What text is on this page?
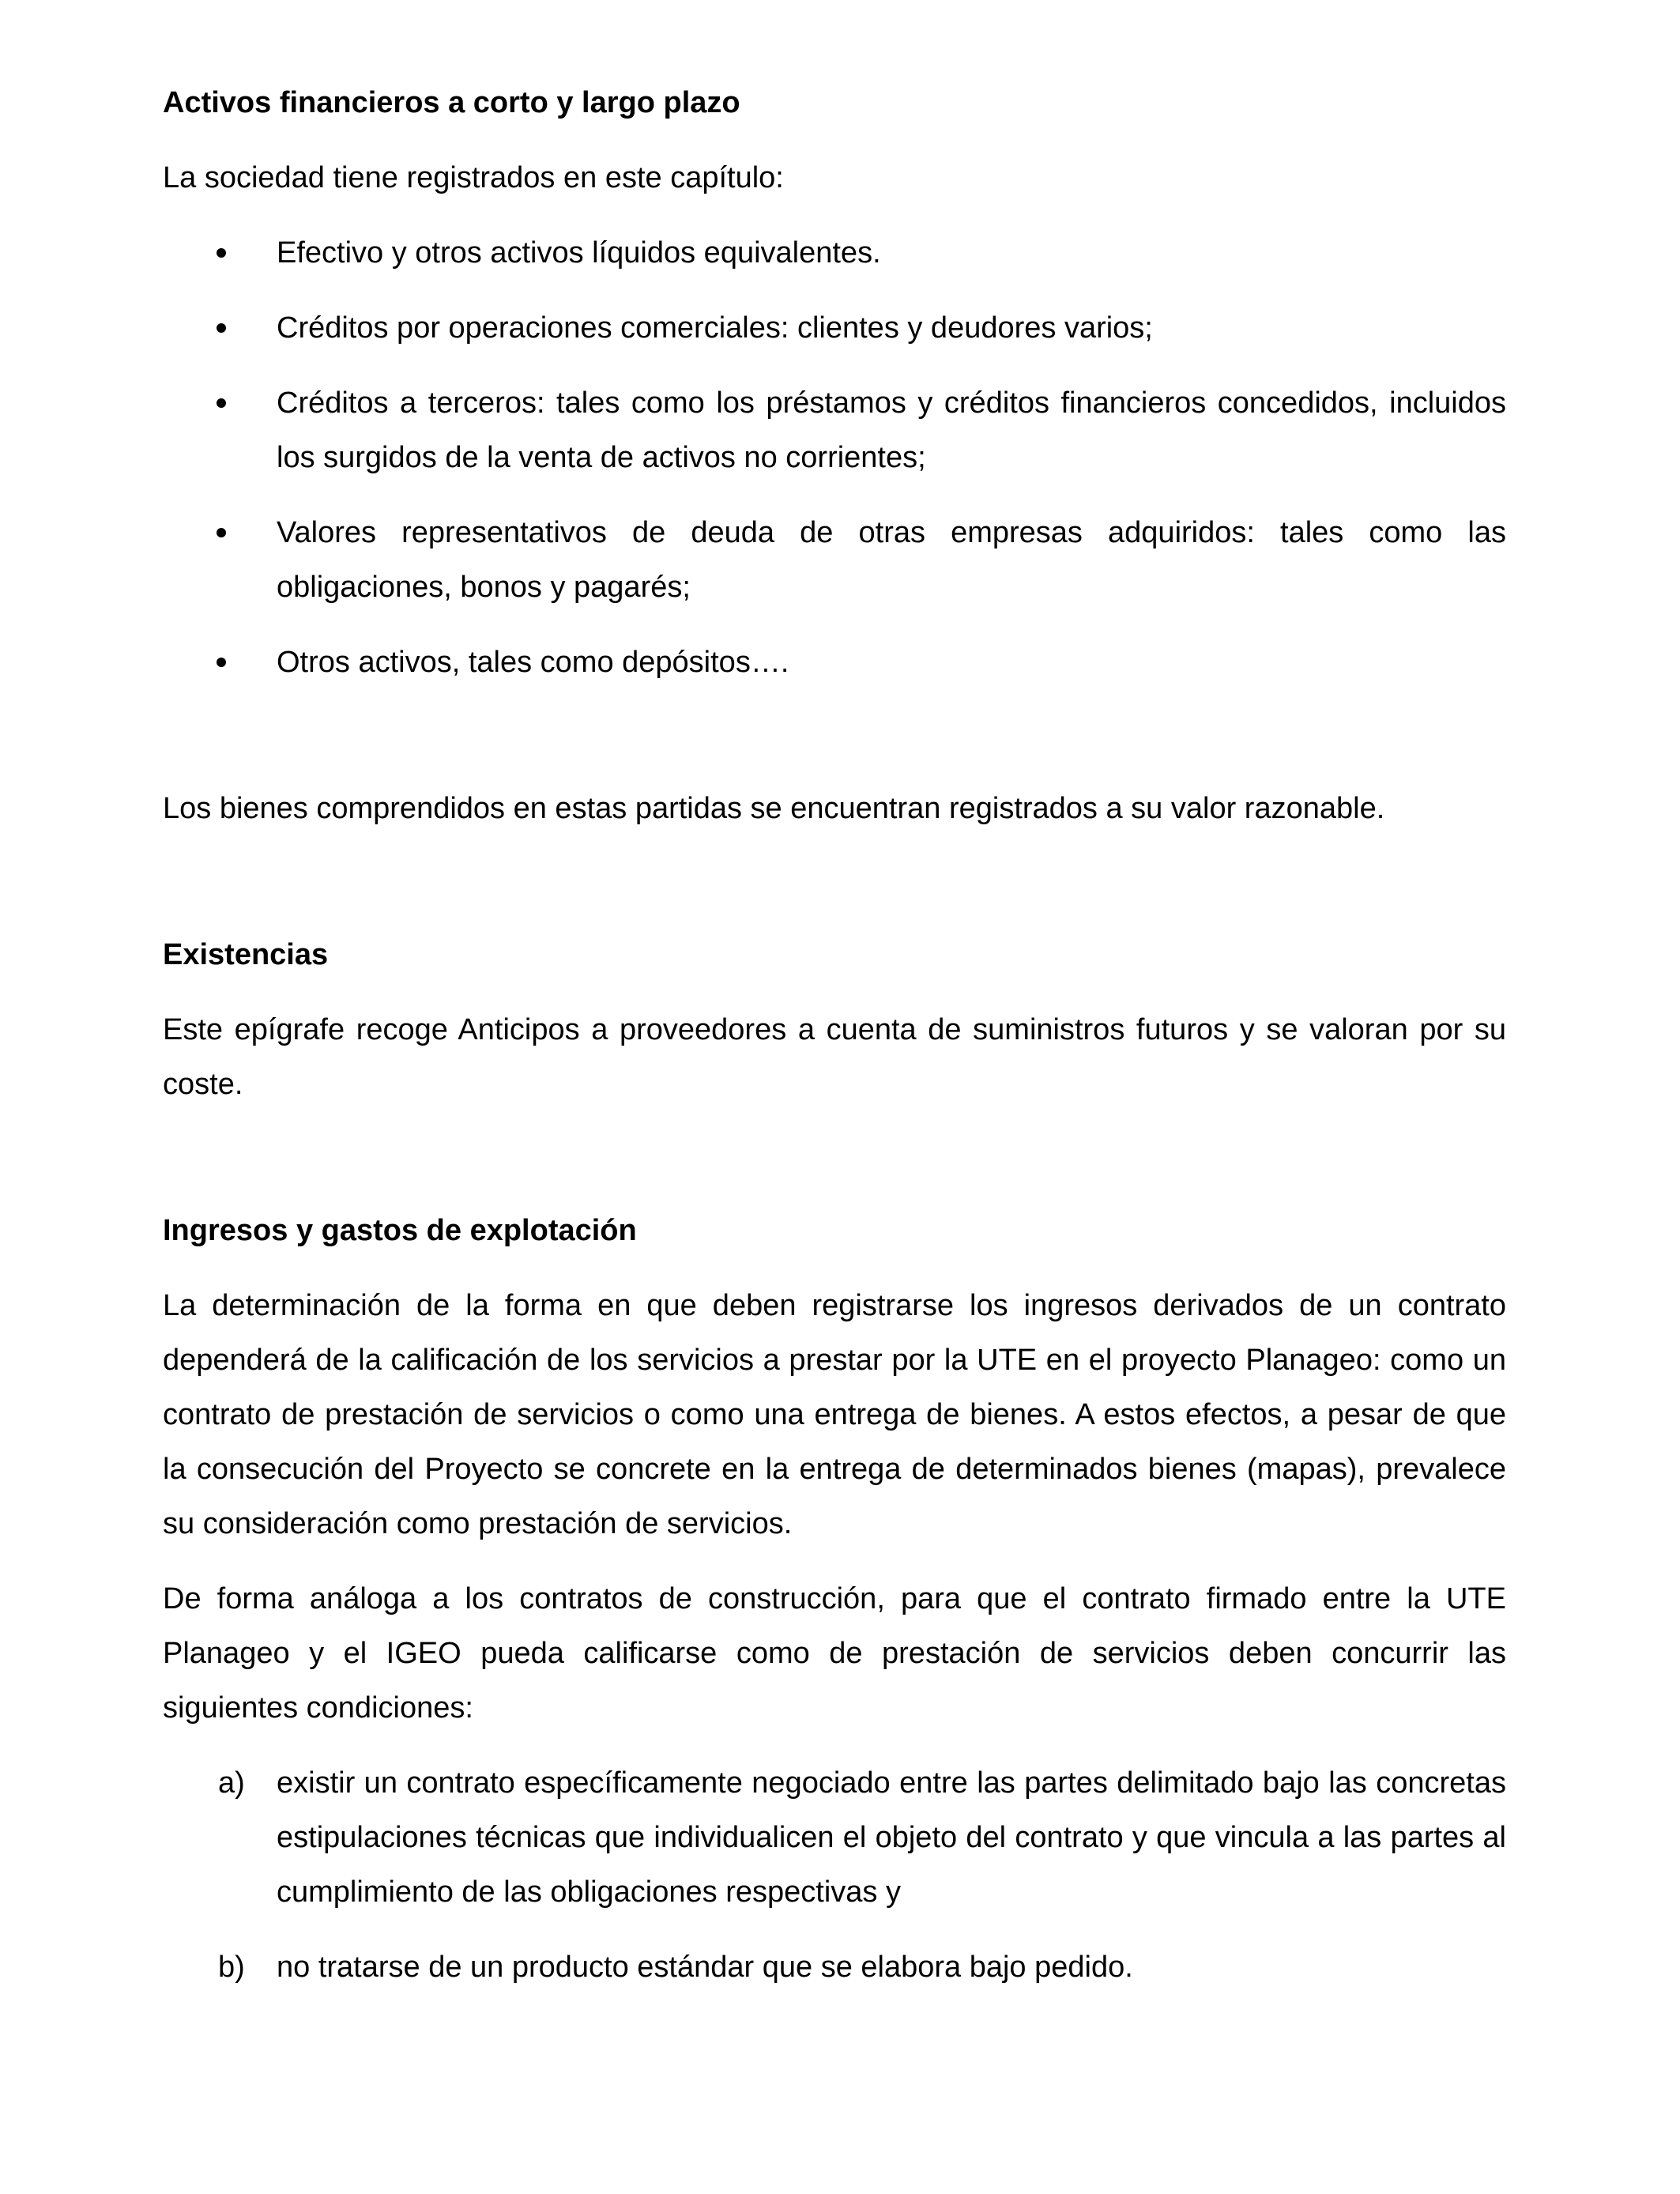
Activos financieros a corto y largo plazo

La sociedad tiene registrados en este capítulo:

Efectivo y otros activos líquidos equivalentes.
Créditos por operaciones comerciales: clientes y deudores varios;
Créditos a terceros: tales como los préstamos y créditos financieros concedidos, incluidos los surgidos de la venta de activos no corrientes;
Valores representativos de deuda de otras empresas adquiridos: tales como las obligaciones, bonos y pagarés;
Otros activos, tales como depósitos….

Los bienes comprendidos en estas partidas se encuentran registrados a su valor razonable.

Existencias

Este epígrafe recoge Anticipos a proveedores a cuenta de suministros futuros y se valoran por su coste.

Ingresos y gastos de explotación

La determinación de la forma en que deben registrarse los ingresos derivados de un contrato dependerá de la calificación de los servicios a prestar por la UTE en el proyecto Planageo: como un contrato de prestación de servicios o como una entrega de bienes. A estos efectos, a pesar de que la consecución del Proyecto se concrete en la entrega de determinados bienes (mapas), prevalece su consideración como prestación de servicios.

De forma análoga a los contratos de construcción, para que el contrato firmado entre la UTE Planageo y el IGEO pueda calificarse como de prestación de servicios deben concurrir las siguientes condiciones:

a)	existir un contrato específicamente negociado entre las partes delimitado bajo las concretas estipulaciones técnicas que individualicen el objeto del contrato y que vincula a las partes al cumplimiento de las obligaciones respectivas y
b)	no tratarse de un producto estándar que se elabora bajo pedido.
